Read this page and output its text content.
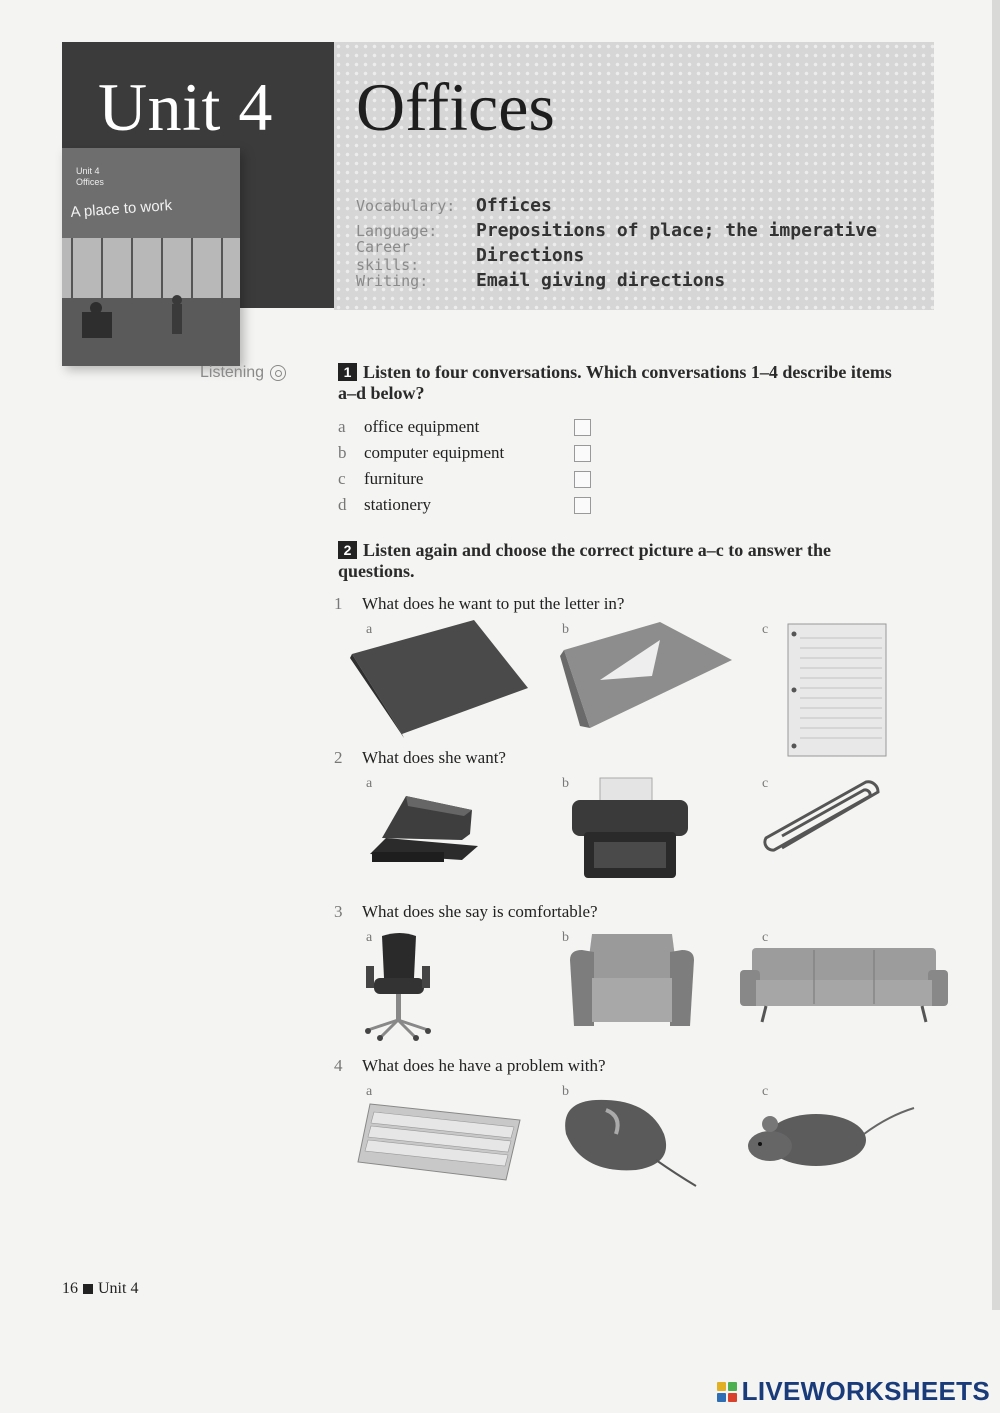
Unit 4 Offices
Unit 4
Offices
A place to work	Vocabulary:	Offices
Language:	Prepositions of place; the imperative
Career skills:	Directions
Writing:	Email giving directions
Listening	1 Listen to four conversations. Which conversations 1–4 describe items a–d below?
a	office equipment
b	computer equipment
c	furniture
d	stationery
2 Listen again and choose the correct picture a–c to answer the questions.
1	What does he want to put the letter in?
a	b	c
2	What does she want?
a	b	c
3	What does she say is comfortable?
a	b	c
4	What does he have a problem with?
a	b	c
16 Unit 4
LIVEWORKSHEETS
